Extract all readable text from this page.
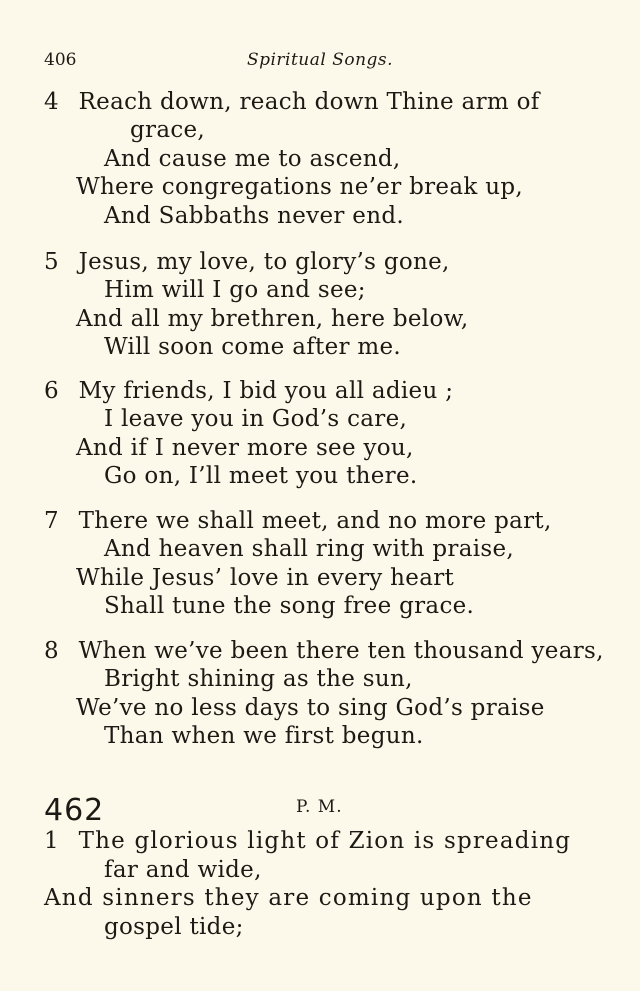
406	Spiritual Songs.
4 Reach down, reach down Thine arm of
grace,
And cause me to ascend,
Where congregations ne’er break up,
And Sabbaths never end.
5 Jesus, my love, to glory’s gone,
Him will I go and see;
And all my brethren, here below,
Will soon come after me.
6 My friends, I bid you all adieu ;
I leave you in God’s care,
And if I never more see you,
Go on, I’ll meet you there.
7 There we shall meet, and no more part,
And heaven shall ring with praise,
While Jesus’ love in every heart
Shall tune the song free grace.
8 When we’ve been there ten thousand years,
Bright shining as the sun,
We’ve no less days to sing God’s praise
Than when we first begun.
462	P. M.
1 The glorious light of Zion is spreading
far and wide,
And sinners they are coming upon the
gospel tide;
